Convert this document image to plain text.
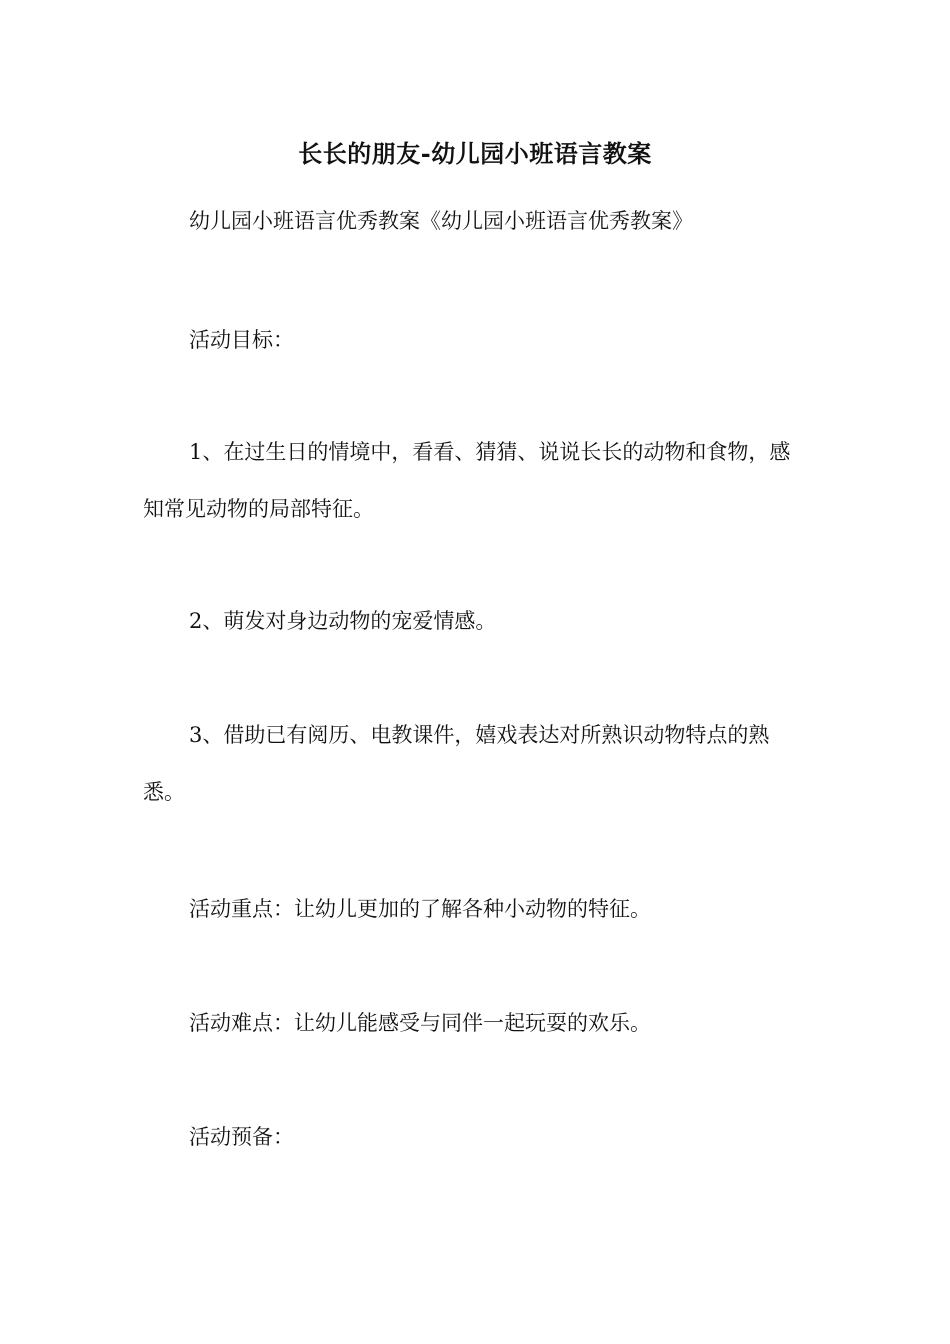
长长的朋友-幼儿园小班语言教案
幼儿园小班语言优秀教案《幼儿园小班语言优秀教案》
活动目标：
1、在过生日的情境中，看看、猜猜、说说长长的动物和食物，感知常见动物的局部特征。
2、萌发对身边动物的宠爱情感。
3、借助已有阅历、电教课件，嬉戏表达对所熟识动物特点的熟悉。
活动重点：让幼儿更加的了解各种小动物的特征。
活动难点：让幼儿能感受与同伴一起玩耍的欢乐。
活动预备：
